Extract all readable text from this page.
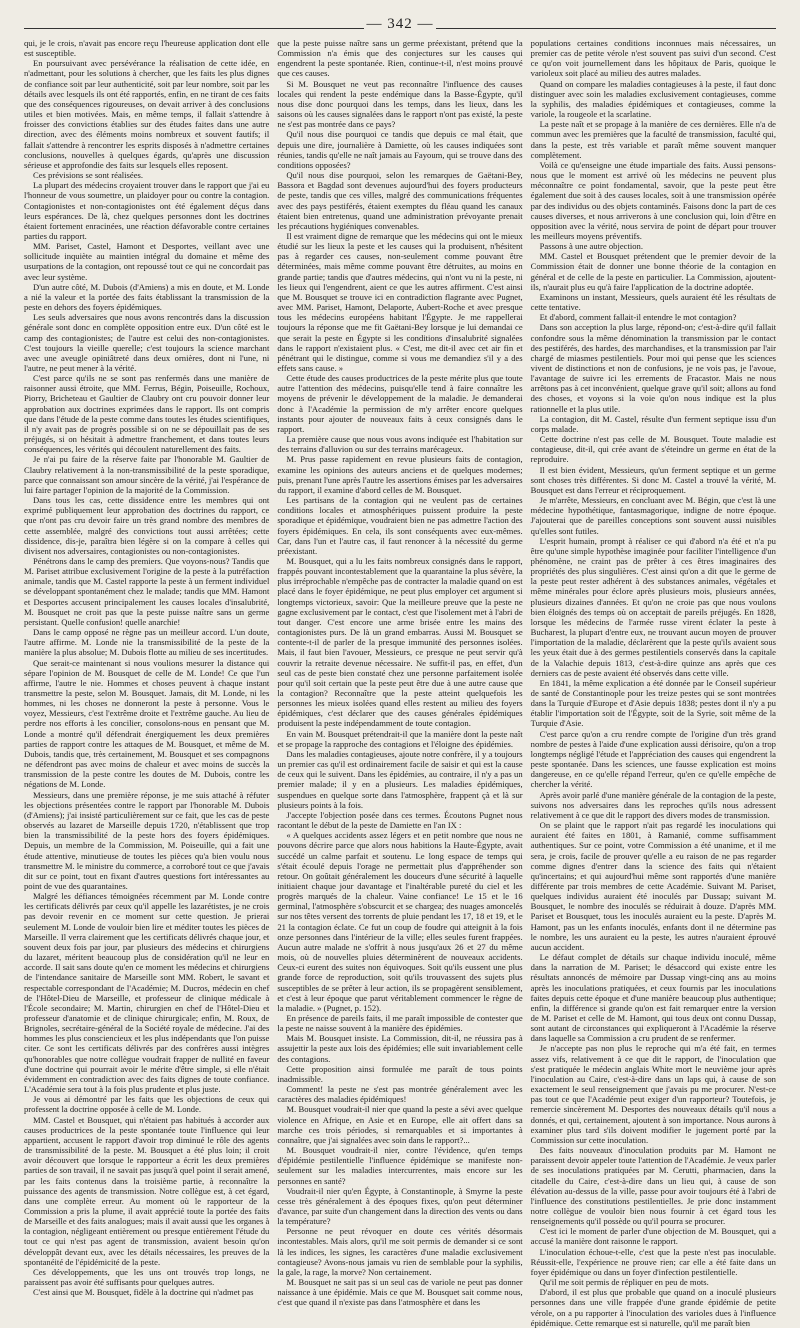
— 342 —

qui, je le crois, n'avait pas encore reçu l'heureuse application dont elle est susceptible.

En poursuivant avec persévérance la réalisation de cette idée, en n'admettant, pour les solutions à chercher, que les faits les plus dignes de confiance soit par leur authenticité, soit par leur nombre, soit par les détails avec lesquels ils ont été rapportés, enfin, en ne tirant de ces faits que des conséquences rigoureuses, on devait arriver à des conclusions utiles et bien motivées. Mais, en même temps, il fallait s'attendre à froisser des convictions établies sur des études faites dans une autre direction, avec des éléments moins nombreux et souvent fautifs; il fallait s'attendre à rencontrer les esprits disposés à n'admettre certaines conclusions, nouvelles à quelques égards, qu'après une discussion sérieuse et approfondie des faits sur lesquels elles reposent.

Ces prévisions se sont réalisées.

La plupart des médecins croyaient trouver dans le rapport que j'ai eu l'honneur de vous soumettre, un plaidoyer pour ou contre la contagion. Contagionistes et non-contagionistes ont été également déçus dans leurs espérances. De là, chez quelques personnes dont les doctrines étaient fortement enracinées, une réaction défavorable contre certaines parties du rapport.

MM. Pariset, Castel, Hamont et Desportes, veillant avec une sollicitude inquiète au maintien intégral du domaine et même des usurpations de la contagion, ont repoussé tout ce qui ne concordait pas avec leur système.

D'un autre côté, M. Dubois (d'Amiens) a mis en doute, et M. Londe a nié la valeur et la portée des faits établissant la transmission de la peste en dehors des foyers épidémiques.

Les seuls adversaires que nous avons rencontrés dans la discussion générale sont donc en complète opposition entre eux. D'un côté est le camp des contagionistes; de l'autre est celui des non-contagionistes. C'est toujours la vieille querelle; c'est toujours la science marchant avec une aveugle opiniâtreté dans deux ornières, dont ni l'une, ni l'autre, ne peut mener à la vérité.

C'est parce qu'ils ne se sont pas renfermés dans une manière de raisonner aussi étroite, que MM. Ferrus, Bégin, Poiseuille, Rochoux, Piorry, Bricheteau et Gaultier de Claubry ont cru pouvoir donner leur approbation aux doctrines exprimées dans le rapport. Ils ont compris que dans l'étude de la peste comme dans toutes les études scientifiques, il n'y avait pas de progrès possible si on ne se dépouillait pas de ses préjugés, si on hésitait à admettre franchement, et dans toutes leurs conséquences, les vérités qui découlent naturellement des faits.

Je n'ai pu faire de la réserve faite par l'honorable M. Gaultier de Claubry relativement à la non-transmissibilité de la peste sporadique, parce que connaissant son amour sincère de la vérité, j'ai l'espérance de lui faire partager l'opinion de la majorité de la Commission.

Dans tous les cas, cette dissidence entre les membres qui ont exprimé publiquement leur approbation des doctrines du rapport, ce que n'ont pas cru devoir faire un très grand nombre des membres de cette assemblée, malgré des convictions tout aussi arrêtées; cette dissidence, dis-je, paraîtra bien légère si on la compare à celles qui divisent nos adversaires, contagionistes ou non-contagionistes.

Pénétrons dans le camp des premiers. Que voyons-nous? Tandis que M. Pariset attribue exclusivement l'origine de la peste à la putréfaction animale, tandis que M. Castel rapporte la peste à un ferment individuel se développant spontanément chez le malade; tandis que MM. Hamont et Desportes accusent principalement les causes locales d'insalubrité, M. Bousquet ne croit pas que la peste puisse naître sans un germe persistant. Quelle confusion! quelle anarchie!

Dans le camp opposé ne règne pas un meilleur accord. L'un doute, l'autre affirme. M. Londe nie la transmissibilité de la peste de la manière la plus absolue; M. Dubois flotte au milieu de ses incertitudes.

Que serait-ce maintenant si nous voulions mesurer la distance qui sépare l'opinion de M. Bousquet de celle de M. Londe! Ce que l'un affirme, l'autre le nie. Hommes et choses peuvent à chaque instant transmettre la peste, selon M. Bousquet. Jamais, dit M. Londe, ni les hommes, ni les choses ne donneront la peste à personne. Vous le voyez, Messieurs, c'est l'extrême droite et l'extrême gauche. Au lieu de perdre nos efforts à les concilier, consolons-nous en pensant que M. Londe a montré qu'il défendrait énergiquement les deux premières parties de rapport contre les attaques de M. Bousquet, et même de M. Dubois, tandis que, très certainement, M. Bousquet et ses compagnons ne défendront pas avec moins de chaleur et avec moins de succès la transmission de la peste contre les doutes de M. Dubois, contre les négations de M. Londe.

Messieurs, dans une première réponse, je me suis attaché à réfuter les objections présentées contre le rapport par l'honorable M. Dubois (d'Amiens); j'ai insisté particulièrement sur ce fait, que les cas de peste observés au lazaret de Marseille depuis 1720, n'établissent que trop bien la transmissibilité de la peste hors des foyers épidémiques. Depuis, un membre de la Commission, M. Poiseuille, qui a fait une étude attentive, minutieuse de toutes les pièces qu'a bien voulu nous transmettre M. le ministre du commerce, a corroboré tout ce que j'avais dit sur ce point, tout en fixant d'autres questions fort intéressantes au point de vue des quarantaines.

Malgré les défiances témoignées récemment par M. Londe contre les certificats délivrés par ceux qu'il appelle les lazarétistes, je ne crois pas devoir revenir en ce moment sur cette question. Je prierai seulement M. Londe de vouloir bien lire et méditer toutes les pièces de Marseille. Il verra clairement que les certificats délivrés chaque jour, et souvent deux fois par jour, par plusieurs des médecins et chirurgiens du lazaret, méritent beaucoup plus de considération qu'il ne leur en accorde. Il sait sans doute qu'en ce moment les médecins et chirurgiens de l'intendance sanitaire de Marseille sont MM. Robert, le savant et respectable correspondant de l'Académie; M. Ducros, médecin en chef de l'Hôtel-Dieu de Marseille, et professeur de clinique médicale à l'École secondaire; M. Martin, chirurgien en chef de l'Hôtel-Dieu et professeur d'anatomie et de clinique chirurgicale; enfin, M. Roux, de Brignoles, secrétaire-général de la Société royale de médecine. J'ai des hommes les plus consciencieux et les plus indépendants que l'on puisse citer. Ce sont les certificats délivrés par des confrères aussi intègres qu'honorables que notre collègue voudrait frapper de nullité en faveur d'une doctrine qui pourrait avoir le mérite d'être simple, si elle n'était évidemment en contradiction avec des faits dignes de toute confiance. L'Académie sera tout à la fois plus prudente et plus juste.

Je vous ai démontré par les faits que les objections de ceux qui professent la doctrine opposée à celle de M. Londe.

MM. Castel et Bousquet, qui n'étaient pas habitués à accorder aux causes productrices de la peste spontanée toute l'influence qui leur appartient, accusent le rapport d'avoir trop diminué le rôle des agents de transmissibilité de la peste. M. Bousquet a été plus loin; il croit avoir découvert que lorsque le rapporteur a écrit les deux premières parties de son travail, il ne savait pas jusqu'à quel point il serait amené, par les faits contenus dans la troisième partie, à reconnaître la puissance des agents de transmission. Notre collègue est, à cet égard, dans une complète erreur. Au moment où le rapporteur de la Commission a pris la plume, il avait apprécié toute la portée des faits de Marseille et des faits analogues; mais il avait aussi que les organes à la contagion, négligeant entièrement ou presque entièrement l'étude du tout ce qui n'est pas agent de transmission, avaient besoin qu'on développât devant eux, avec les détails nécessaires, les preuves de la spontanéité de l'épidémicité de la peste.

Ces développements, que les uns ont trouvés trop longs, ne paraissent pas avoir été suffisants pour quelques autres.

C'est ainsi que M. Bousquet, fidèle à la doctrine qui n'admet pas

que la peste puisse naître sans un germe préexistant, prétend que la Commission n'a émis que des conjectures sur les causes qui engendrent la peste spontanée. Rien, continue-t-il, n'est moins prouvé que ces causes.

Si M. Bousquet ne veut pas reconnaître l'influence des causes locales qui rendent la peste endémique dans la Basse-Égypte, qu'il nous dise donc pourquoi dans les temps, dans les lieux, dans les saisons où les causes signalées dans le rapport n'ont pas existé, la peste ne s'est pas montrée dans ce pays?

Qu'il nous dise pourquoi ce tandis que depuis ce mal était, que depuis une dire, journalière à Damiette, où les causes indiquées sont réunies, tandis qu'elle ne naît jamais au Fayoum, qui se trouve dans des conditions opposées?

Qu'il nous dise pourquoi, selon les remarques de Gaëtani-Bey, Bassora et Bagdad sont devenues aujourd'hui des foyers producteurs de peste, tandis que ces villes, malgré des communications fréquentes avec des pays pestiférés, étaient exemptes du fléau quand les canaux étaient bien entretenus, quand une administration prévoyante prenait les précautions hygiéniques convenables.

Il est vraiment digne de remarque que les médecins qui ont le mieux étudié sur les lieux la peste et les causes qui la produisent, n'hésitent pas à regarder ces causes, non-seulement comme pouvant être déterminées, mais même comme pouvant être détruites, au moins en grande partie; tandis que d'autres médecins, qui n'ont vu ni la peste, ni les lieux qui l'engendrent, aient ce que les autres affirment. C'est ainsi que M. Bousquet se trouve ici en contradiction flagrante avec Pugnet, avec MM. Pariset, Hamont, Delaporte, Aubert-Roche et avec presque tous les médecins européens habitant l'Égypte. Je me rappellerai toujours la réponse que me fit Gaëtani-Bey lorsque je lui demandai ce que serait la peste en Égypte si les conditions d'insalubrité signalées dans le rapport n'existaient plus. « C'est, me dit-il avec cet air fin et pénétrant qui le distingue, comme si vous me demandiez s'il y a des effets sans cause. »

Cette étude des causes productrices de la peste mérite plus que toute autre l'attention des médecins, puisqu'elle tend à faire connaître les moyens de prévenir le développement de la maladie. Je demanderai donc à l'Académie la permission de m'y arrêter encore quelques instants pour ajouter de nouveaux faits à ceux consignés dans le rapport.

La première cause que nous vous avons indiquée est l'habitation sur des terrains d'alluvion ou sur des terrains marécageux.

M. Prus passe rapidement en revue plusieurs faits de contagion, examine les opinions des auteurs anciens et de quelques modernes; puis, prenant l'une après l'autre les assertions émises par les adversaires du rapport, il examine d'abord celles de M. Bousquet.

Les partisans de la contagion qui ne veulent pas de certaines conditions locales et atmosphériques puissent produire la peste sporadique et épidémique, voudraient bien ne pas admettre l'action des foyers épidémiques. En cela, ils sont conséquents avec eux-mêmes. Car, dans l'un et l'autre cas, il faut renoncer à la nécessité du germe préexistant.

M. Bousquet, qui a lu les faits nombreux consignés dans le rapport, frappés pouvant incontestablement que la quarantaine la plus sévère, la plus irréprochable n'empêche pas de contracter la maladie quand on est placé dans le foyer épidémique, ne peut plus employer cet argument si longtemps victorieux, savoir: Que la meilleure preuve que la peste ne gagne exclusivement par le contact, c'est que l'isolement met à l'abri de tout danger. C'est encore une arme brisée entre les mains des contagionistes purs. De là un grand embarras. Aussi M. Bousquet se contente-t-il de parler de la presque immunité des personnes isolées. Mais, il faut bien l'avouer, Messieurs, ce presque ne peut servir qu'à couvrir la retraite devenue nécessaire. Ne suffit-il pas, en effet, d'un seul cas de peste bien constaté chez une personne parfaitement isolée pour qu'il soit certain que la peste peut être due à une autre cause que la contagion? Reconnaître que la peste atteint quelquefois les personnes les mieux isolées quand elles restent au milieu des foyers épidémiques, c'est déclarer que des causes générales épidémiques produisent la peste indépendamment de toute contagion.

En vain M. Bousquet prétendrait-il que la manière dont la peste naît et se propage la rapproche des contagions et l'éloigne des épidémies.

Dans les maladies contagieuses, ajoute notre confrère, il y a toujours un premier cas qu'il est ordinairement facile de saisir et qui est la cause de ceux qui le suivent. Dans les épidémies, au contraire, il n'y a pas un premier malade; il y en a plusieurs. Les maladies épidémiques, suspendues en quelque sorte dans l'atmosphère, frappent çà et là sur plusieurs points à la fois.

J'accepte l'objection posée dans ces termes. Écoutons Pugnet nous racontant le début de la peste de Damiette en l'an IX :

« A quelques accidents assez légers et en petit nombre que nous ne pouvons décrire parce que alors nous habitions la Haute-Égypte, avait succédé un calme parfait et soutenu. Le long espace de temps qui s'était écoulé depuis l'orage ne permettait plus d'appréhender son retour. On goûtait généralement les douceurs d'une sécurité à laquelle initiaient chaque jour davantage et l'inaltérable pureté du ciel et les progrès marqués de la chaleur. Vaine confiance! Le 15 et le 16 germinal, l'atmosphère s'obscurcit et se chargea; des nuages amoncelés sur nos têtes versent des torrents de pluie pendant les 17, 18 et 19, et le 21 la contagion éclate. Ce fut un coup de foudre qui atteignit à la fois onze personnes dans l'intérieur de la ville; elles seules furent frappées. Aucun autre malade ne s'offrit à nous jusqu'aux 26 et 27 du même mois, où de nouvelles pluies déterminèrent de nouveaux accidents. Ceux-ci eurent des suites non équivoques. Soit qu'ils eussent une plus grande force de reproduction, soit qu'ils trouvassent des sujets plus susceptibles de se prêter à leur action, ils se propagèrent sensiblement, et c'est à leur époque que parut véritablement commencer le règne de la maladie. » (Pugnet, p. 152).

En présence de pareils faits, il me paraît impossible de contester que la peste ne naisse souvent à la manière des épidémies.

Mais M. Bousquet insiste. La Commission, dit-il, ne réussira pas à assujettir la peste aux lois des épidémies; elle suit invariablement celle des contagions.

Cette proposition ainsi formulée me paraît de tous points inadmissible.

Comment! la peste ne s'est pas montrée généralement avec les caractères des maladies épidémiques!

M. Bousquet voudrait-il nier que quand la peste a sévi avec quelque violence en Afrique, en Asie et en Europe, elle ait offert dans sa marche ces trois périodes, si remarquables et si importantes à connaître, que j'ai signalées avec soin dans le rapport?...

M. Bousquet voudrait-il nier, contre l'évidence, qu'en temps d'épidémie pestilentielle l'influence épidémique se manifeste non-seulement sur les maladies intercurrentes, mais encore sur les personnes en santé?

Voudrait-il nier qu'en Égypte, à Constantinople, à Smyrne la peste cesse très généralement à des époques fixes, qu'on peut déterminer d'avance, par suite d'un changement dans la direction des vents ou dans la température?

Personne ne peut révoquer en doute ces vérités désormais incontestables. Mais alors, qu'il me soit permis de demander si ce sont là les indices, les signes, les caractères d'une maladie exclusivement contagieuse? Avons-nous jamais vu rien de semblable pour la syphilis, la gale, la rage, la morve? Non certainement.

M. Bousquet ne sait pas si un seul cas de variole ne peut pas donner naissance à une épidémie. Mais ce que M. Bousquet sait comme nous, c'est que quand il n'existe pas dans l'atmosphère et dans les

populations certaines conditions inconnues mais nécessaires, un premier cas de petite vérole n'est souvent pas suivi d'un second. C'est ce qu'on voit journellement dans les hôpitaux de Paris, quoique le varioleux soit placé au milieu des autres malades.

Quand on compare les maladies contagieuses à la peste, il faut donc distinguer avec soin les maladies exclusivement contagieuses, comme la syphilis, des maladies épidémiques et contagieuses, comme la variole, la rougeole et la scarlatine.

La peste naît et se propage à la manière de ces dernières. Elle n'a de commun avec les premières que la faculté de transmission, faculté qui, dans la peste, est très variable et paraît même souvent manquer complètement.

Voilà ce qu'enseigne une étude impartiale des faits. Aussi pensons-nous que le moment est arrivé où les médecins ne peuvent plus méconnaître ce point fondamental, savoir, que la peste peut être également due soit à des causes locales, soit à une transmission opérée par des individus ou des objets contaminés. Faisons donc la part de ces causes diverses, et nous arriverons à une conclusion qui, loin d'être en opposition avec la vérité, nous servira de point de départ pour trouver les meilleurs moyens préventifs.

Passons à une autre objection.

MM. Castel et Bousquet prétendent que le premier devoir de la Commission était de donner une bonne théorie de la contagion en général et de celle de la peste en particulier. La Commission, ajoutent-ils, n'aurait plus eu qu'à faire l'application de la doctrine adoptée.

Examinons un instant, Messieurs, quels auraient été les résultats de cette tentative.

Et d'abord, comment fallait-il entendre le mot contagion?

Dans son acception la plus large, répond-on; c'est-à-dire qu'il fallait confondre sous la même dénomination la transmission par le contact des pestiférés, des hardes, des marchandises, et la transmission par l'air chargé de miasmes pestilentiels. Pour moi qui pense que les sciences vivent de distinctions et non de confusions, je ne vois pas, je l'avoue, l'avantage de suivre ici les errements de Fracastor. Mais ne nous arrêtons pas à cet inconvénient, quelque grave qu'il soit; allons au fond des choses, et voyons si la voie qu'on nous indique est la plus rationnelle et la plus utile.

La contagion, dit M. Castel, résulte d'un ferment septique issu d'un corps malade.

Cette doctrine n'est pas celle de M. Bousquet. Toute maladie est contagieuse, dit-il, qui crée avant de s'éteindre un germe en état de la reproduire.

Il est bien évident, Messieurs, qu'un ferment septique et un germe sont choses très différentes. Si donc M. Castel a trouvé la vérité, M. Bousquet est dans l'erreur et réciproquement.

Je m'arrête, Messieurs, en concluant avec M. Bégin, que c'est là une médecine hypothétique, fantasmagorique, indigne de notre époque. J'ajouterai que de pareilles conceptions sont souvent aussi nuisibles qu'elles sont futiles.

L'esprit humain, prompt à réaliser ce qui d'abord n'a été et n'a pu être qu'une simple hypothèse imaginée pour faciliter l'intelligence d'un phénomène, ne craint pas de prêter à ces êtres imaginaires des propriétés des plus singulières. C'est ainsi qu'on a dit que le germe de la peste peut rester adhérent à des substances animales, végétales et même minérales pour éclore après plusieurs mois, plusieurs années, plusieurs dizaines d'années. Et qu'on ne croie pas que nous voulons bien éloignés des temps où on acceptait de pareils préjugés. En 1828, lorsque les médecins de l'armée russe virent éclater la peste à Bucharest, la plupart d'entre eux, ne trouvant aucun moyen de prouver l'importation de la maladie, déclarèrent que la peste qu'ils avaient sous les yeux était due à des germes pestilentiels conservés dans la capitale de la Valachie depuis 1813, c'est-à-dire quinze ans après que ces derniers cas de peste avaient été observés dans cette ville.

En 1841, la même explication a été donnée par le Conseil supérieur de santé de Constantinople pour les treize pestes qui se sont montrées dans la Turquie d'Europe et d'Asie depuis 1838; pestes dont il n'y a pu établir l'importation soit de l'Égypte, soit de la Syrie, soit même de la Turquie d'Asie.

C'est parce qu'on a cru rendre compte de l'origine d'un très grand nombre de pestes à l'aide d'une explication aussi dérisoire, qu'on a trop longtemps négligé l'étude et l'appréciation des causes qui engendrent la peste spontanée. Dans les sciences, une fausse explication est moins dangereuse, en ce qu'elle répand l'erreur, qu'en ce qu'elle empêche de chercher la vérité.

Après avoir parlé d'une manière générale de la contagion de la peste, suivons nos adversaires dans les reproches qu'ils nous adressent relativement à ce que dit le rapport des divers modes de transmission.

On se plaint que le rapport n'ait pas regardé les inoculations qui auraient été faites en 1801, à Ramanié, comme suffisamment authentiques. Sur ce point, votre Commission a été unanime, et il me sera, je crois, facile de prouver qu'elle a eu raison de ne pas regarder comme dignes d'entrer dans la science des faits qui n'étaient qu'incertains; et qui aujourd'hui même sont rapportés d'une manière différente par trois membres de cette Académie. Suivant M. Pariset, quelques individus auraient été inoculés par Dussap; suivant M. Bousquet, le nombre des inoculés se réduirait à douze. D'après MM. Pariset et Bousquet, tous les inoculés auraient eu la peste. D'après M. Hamont, pas un les enfants inoculés, enfants dont il ne détermine pas le nombre, les uns auraient eu la peste, les autres n'auraient éprouvé aucun accident.

Le défaut complet de détails sur chaque individu inoculé, même dans la narration de M. Pariset; le désaccord qui existe entre les résultats annoncés de mémoire par Dussap vingt-cinq ans au moins après les inoculations pratiquées, et ceux fournis par les inoculations faites depuis cette époque et d'une manière beaucoup plus authentique; enfin, la différence si grande qu'on est fait remarquer entre la version de M. Pariset et celle de M. Hamont, qui tous deux ont connu Dussap, sont autant de circonstances qui expliqueront à l'Académie la réserve dans laquelle sa Commission a cru prudent de se renfermer.

Je n'accepte pas non plus le reproche qui m'a été fait, en termes assez vifs, relativement à ce que dit le rapport, de l'inoculation que s'est pratiquée le médecin anglais White mort le neuvième jour après l'inoculation au Caire, c'est-à-dire dans un laps qui, à cause de son exactement le seul renseignement que j'avais pu me procurer. N'est-ce pas tout ce que l'Académie peut exiger d'un rapporteur? Toutefois, je remercie sincèrement M. Desportes des nouveaux détails qu'il nous a donnés, et qui, certainement, ajoutent à son importance. Nous aurons à examiner plus tard s'ils doivent modifier le jugement porté par la Commission sur cette inoculation.

Des faits nouveaux d'inoculation produits par M. Hamont ne paraissent devoir appeler toute l'attention de l'Académie. Je veux parler de ses inoculations pratiquées par M. Cerutti, pharmacien, dans la citadelle du Caire, c'est-à-dire dans un lieu qui, à cause de son élévation au-dessus de la ville, passe pour avoir toujours été à l'abri de l'influence des constitutions pestilentielles. Je prie donc instamment notre collègue de vouloir bien nous fournir à cet égard tous les renseignements qu'il possède ou qu'il pourra se procurer.

C'est ici le moment de parler d'une objection de M. Bousquet, qui a accusé la manière dont raisonne le rapport.

L'inoculation échoue-t-elle, c'est que la peste n'est pas inoculable. Réussit-elle, l'expérience ne prouve rien; car elle a été faite dans un foyer épidémique ou dans un foyer d'infection pestilentielle.

Qu'il me soit permis de répliquer en peu de mots.

D'abord, il est plus que probable que quand on a inoculé plusieurs personnes dans une ville frappée d'une grande épidémie de petite vérole, on a pu rapporter à l'inoculation des varioles dues à l'influence épidémique. Cette remarque est si naturelle, qu'il me paraît bien
